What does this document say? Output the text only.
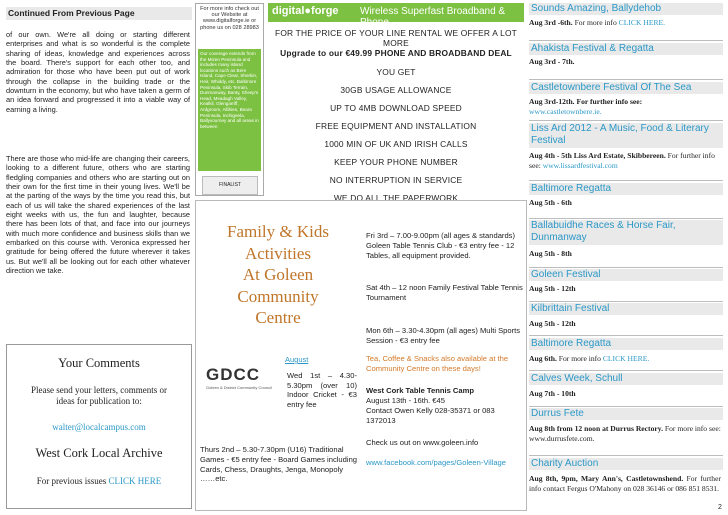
Continued From Previous Page
of our own. We're all doing or starting different enterprises and what is so wonderful is the complete sharing of ideas, knowledge and experiences across the board. There's support for each other too, and admiration for those who have been put out of work through the collapse in the building trade or the downturn in the economy, but who have taken a germ of an idea forward and progressed it into a viable way of earning a living.
There are those who mid-life are changing their careers, looking to a different future, others who are starting fledgling companies and others who are starting out on their own for the first time in their young lives. We'll be at the parting of the ways by the time you read this, but each of us will take the shared experiences of the last eight weeks with us, the fun and laughter, because there has been lots of that, and face into our journeys with much more confidence and business skills than we embarked on this course with. Veronica expressed her gratitude for being offered the future wherever it takes us. But we'll all be looking out for each other whatever direction we take.
Your Comments
Please send your letters, comments or ideas for publication to:
walter@localcampus.com
West Cork Local Archive
For previous issues CLICK HERE
For more info check out our Website at www.digitalforge.ie or phone us on 028 28983
Our coverage extends from the Mizen Peninsula and includes many island locations such as Bere Island, Cape Clear, Sherkin, Heir, Whiddy, etc. Baltimore Peninsula, Skib Terrain, Dunmanway, Banty, Sheep's Head, Meadagh Valley, Kealkil, Glengarriff, Ardgroom, Allihies, Beara Peninsula, Inchigeela, Ballyvourney and all areas in between
FINALIST
digital●forge Wireless Superfast Broadband & Phone
FOR THE PRICE OF YOUR LINE RENTAL WE OFFER A LOT MORE
Upgrade to our €49.99 PHONE AND BROADBAND DEAL
YOU GET
30GB USAGE ALLOWANCE
UP TO 4MB DOWNLOAD SPEED
FREE EQUIPMENT AND INSTALLATION
1000 MIN OF UK AND IRISH CALLS
KEEP YOUR PHONE NUMBER
NO INTERRUPTION IN SERVICE
WE DO ALL THE PAPERWORK
Family & Kids
Activities
At Goleen
Community
Centre
GDCC
Goleen & District Community Council
August
Wed 1st – 4.30-5.30pm (over 10) Indoor Cricket - €3 entry fee
Thurs 2nd – 5.30-7.30pm (U16) Traditional Games - €5 entry fee - Board Games including Cards, Chess, Draughts, Jenga, Monopoly ……etc.
Fri 3rd – 7.00-9.00pm (all ages & standards) Goleen Table Tennis Club - €3 entry fee - 12 Tables, all equipment provided.
Sat 4th – 12 noon Family Festival Table Tennis Tournament
Mon 6th – 3.30-4.30pm (all ages) Multi Sports Session - €3 entry fee
Tea, Coffee & Snacks also available at the Community Centre on these days!
West Cork Table Tennis Camp
August 13th - 16th. €45
Contact Owen Kelly 028-35371 or 083 1372013
Check us out on www.goleen.info
www.facebook.com/pages/Goleen-Village
Sounds Amazing, Ballydehob
Aug 3rd -6th. For more info CLICK HERE.
Ahakista Festival & Regatta
Aug 3rd - 7th.
Castletownbere Festival Of The Sea
Aug 3rd-12th. For further info see:
www.castletownbere.ie.
Liss Ard 2012 - A Music, Food & Literary Festival
Aug 4th - 5th Liss Ard Estate, Skibbereen. For further info see: www.lissardfestival.com
Baltimore Regatta
Aug 5th - 6th
Ballabuidhe Races & Horse Fair, Dunmanway
Aug 5th - 8th
Goleen Festival
Aug 5th - 12th
Kilbrittain Festival
Aug 5th - 12th
Baltimore Regatta
Aug 6th. For more info CLICK HERE.
Calves Week, Schull
Aug 7th - 10th
Durrus Fete
Aug 8th from 12 noon at Durrus Rectory. For more info see: www.durrusfete.com.
Charity Auction
Aug 8th, 9pm, Mary Ann's, Castletownshend. For further info contact Fergus O'Mahony on 028 36146 or 086 851 8531.
2
